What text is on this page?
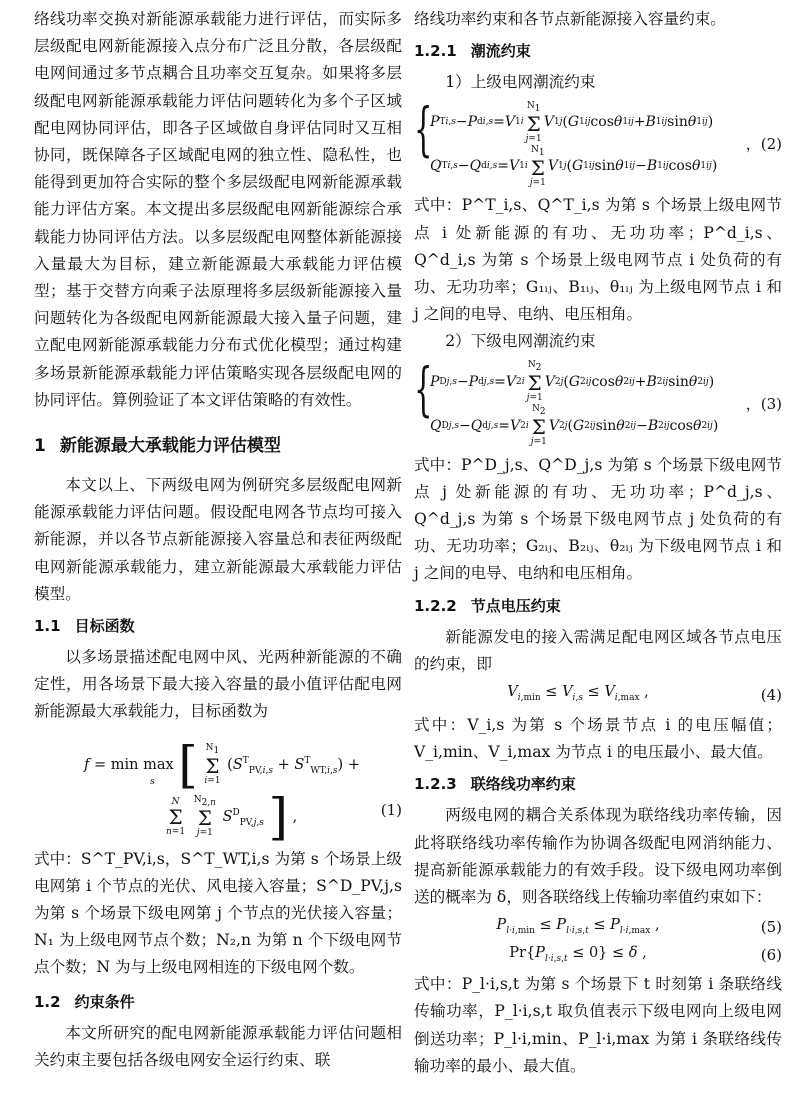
络线功率交换对新能源承载能力进行评估，而实际多层级配电网新能源接入点分布广泛且分散，各层级配电网间通过多节点耦合且功率交互复杂。如果将多层级配电网新能源承载能力评估问题转化为多个子区域配电网协同评估，即各子区域做自身评估同时又互相协同，既保障各子区域配电网的独立性、隐私性，也能得到更加符合实际的整个多层级配电网新能源承载能力评估方案。本文提出多层级配电网新能源综合承载能力协同评估方法。以多层级配电网整体新能源接入量最大为目标，建立新能源最大承载能力评估模型；基于交替方向乘子法原理将多层级新能源接入量问题转化为各级配电网新能源最大接入量子问题，建立配电网新能源承载能力分布式优化模型；通过构建多场景新能源承载能力评估策略实现各层级配电网的协同评估。算例验证了本文评估策略的有效性。

1 新能源最大承载能力评估模型

本文以上、下两级电网为例研究多层级配电网新能源承载能力评估问题。假设配电网各节点均可接入新能源，并以各节点新能源接入容量总和表征两级配电网新能源承载能力，建立新能源最大承载能力评估模型。

1.1 目标函数

以多场景描述配电网中风、光两种新能源的不确定性，用各场景下最大接入容量的最小值评估配电网新能源最大承载能力，目标函数为

f = min max [ $N_1$
Σ
i=1
$(S^T_{PV,i,s} + S^T_{WT,i,s})$ +
s
N
Σ
n=1

$N_{2,n}$
Σ
j=1
$S^D_{PV,j,s}$ ] ,	(1)

式中：S^T_PV,i,s，S^T_WT,i,s 为第 s 个场景上级电网第 i 个节点的光伏、风电接入容量；S^D_PV,j,s 为第 s 个场景下级电网第 j 个节点的光伏接入容量；N₁ 为上级电网节点个数；N₂,n 为第 n 个下级电网节点个数；N 为与上级电网相连的下级电网个数。

1.2 约束条件

本文所研究的配电网新能源承载能力评估问题相关约束主要包括各级电网安全运行约束、联

络线功率约束和各节点新能源接入容量约束。

1.2.1 潮流约束

1）上级电网潮流约束

{
P T i,s − P d i,s = V 1i
$N_1$
Σ
j=1
V 1j ( G 1ij cos θ 1ij + B 1ij sin θ 1ij )
Q T i,s − Q d i,s = V 1i
$N_1$
Σ
j=1
V 1j ( G 1ij sin θ 1ij − B 1ij cos θ 1ij )
，(2)

式中：P^T_i,s、Q^T_i,s 为第 s 个场景上级电网节点 i 处新能源的有功、无功功率；P^d_i,s、Q^d_i,s 为第 s 个场景上级电网节点 i 处负荷的有功、无功功率；G₁ᵢⱼ、B₁ᵢⱼ、θ₁ᵢⱼ 为上级电网节点 i 和 j 之间的电导、电纳、电压相角。

2）下级电网潮流约束

{
P D j,s − P d j,s = V 2i
$N_2$
Σ
j=1
V 2j ( G 2ij cos θ 2ij + B 2ij sin θ 2ij )
Q D j,s − Q d j,s = V 2i
$N_2$
Σ
j=1
V 2j ( G 2ij sin θ 2ij − B 2ij cos θ 2ij )
，(3)

式中：P^D_j,s、Q^D_j,s 为第 s 个场景下级电网节点 j 处新能源的有功、无功功率；P^d_j,s、Q^d_j,s 为第 s 个场景下级电网节点 j 处负荷的有功、无功功率；G₂ᵢⱼ、B₂ᵢⱼ、θ₂ᵢⱼ 为下级电网节点 i 和 j 之间的电导、电纳和电压相角。

1.2.2 节点电压约束

新能源发电的接入需满足配电网区域各节点电压的约束，即

$V_{i,min} \le V_{i,s} \le V_{i,max}$ ,	(4)

式中：V_i,s 为第 s 个场景节点 i 的电压幅值；V_i,min、V_i,max 为节点 i 的电压最小、最大值。

1.2.3 联络线功率约束

两级电网的耦合关系体现为联络线功率传输，因此将联络线功率传输作为协调各级配电网消纳能力、提高新能源承载能力的有效手段。设下级电网功率倒送的概率为 δ，则各联络线上传输功率值约束如下：

$P_{l\cdot i,min} \le P_{l\cdot i,s,t} \le P_{l\cdot i,max}$ ,	(5)
$Pr\{P_{l\cdot i,s,t} \le 0\} \le \delta$ ,	(6)

式中：P_l·i,s,t 为第 s 个场景下 t 时刻第 i 条联络线传输功率，P_l·i,s,t 取负值表示下级电网向上级电网倒送功率；P_l·i,min、P_l·i,max 为第 i 条联络线传输功率的最小、最大值。
